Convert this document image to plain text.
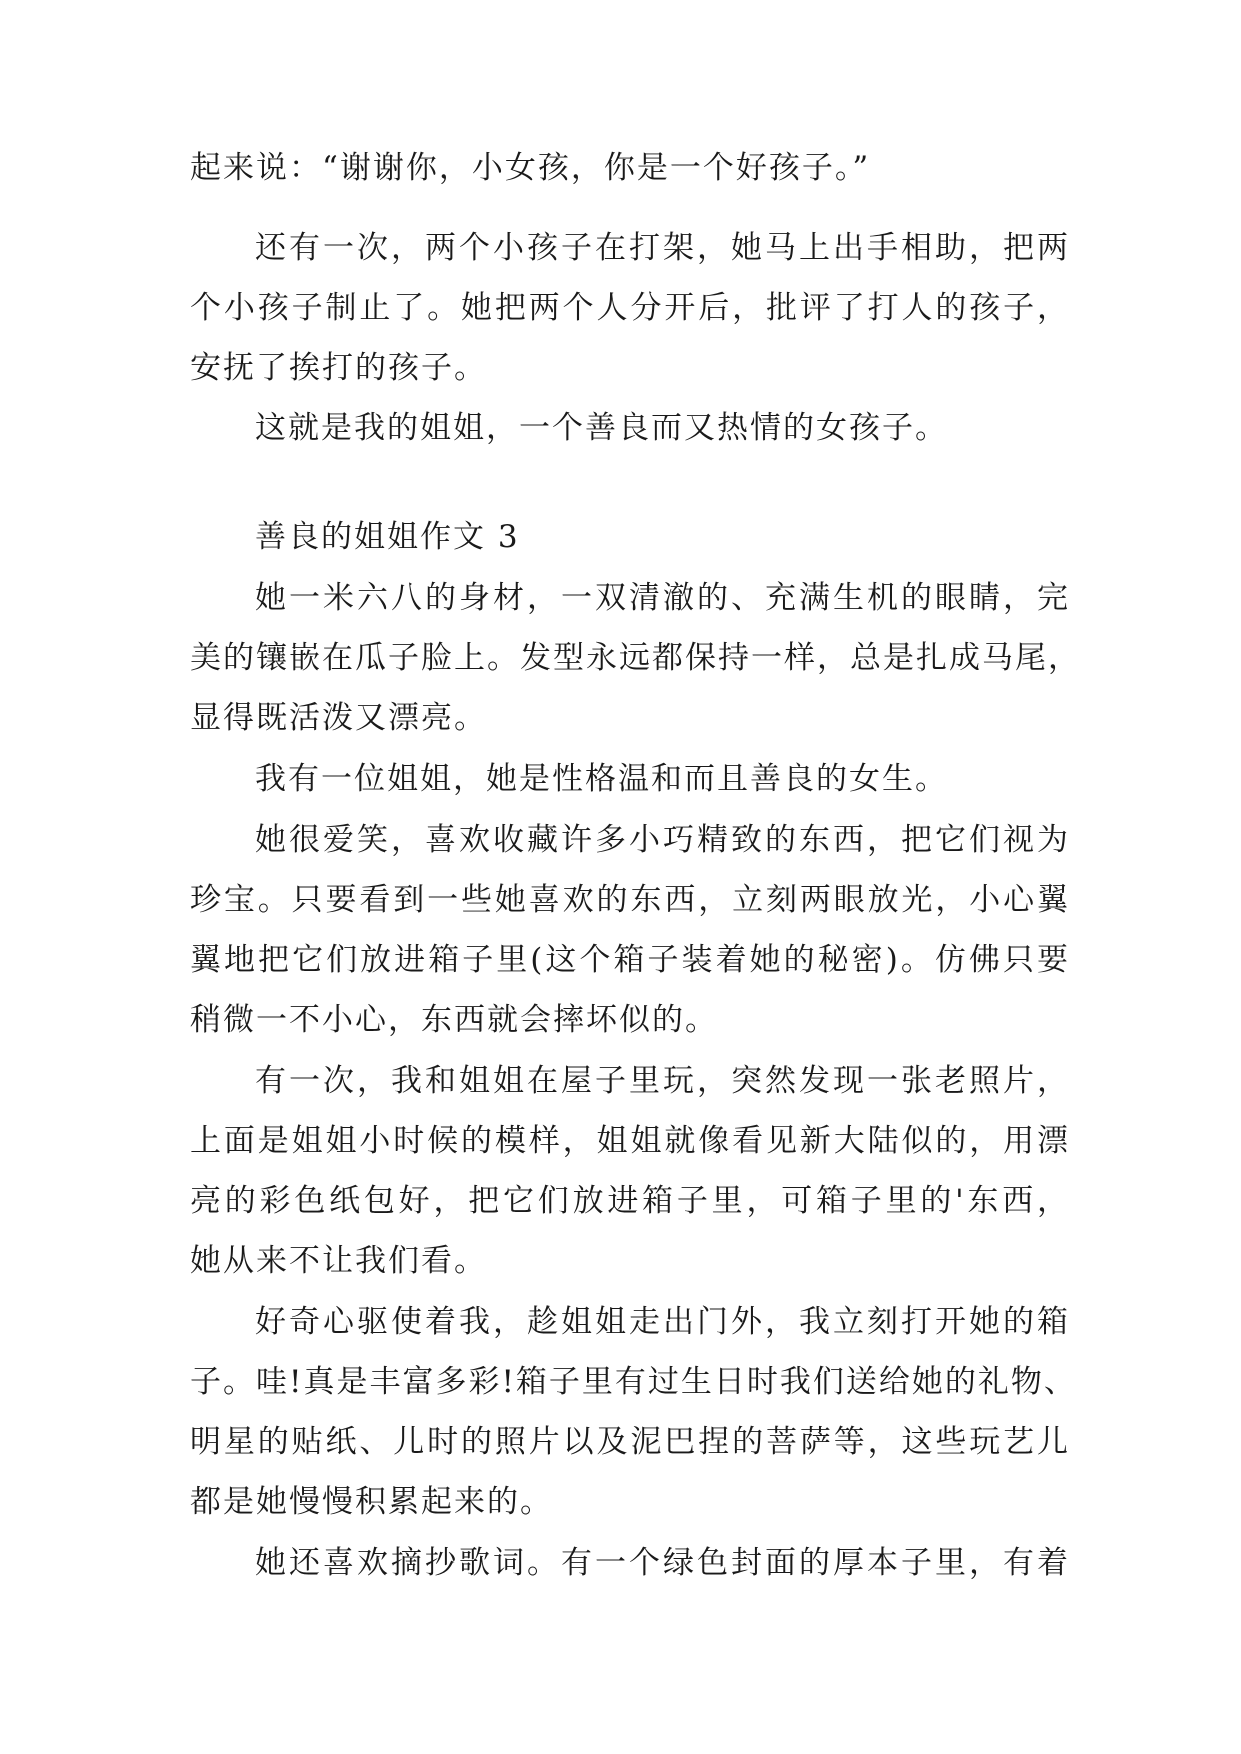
起来说：“谢谢你，小女孩，你是一个好孩子。”
还有一次，两个小孩子在打架，她马上出手相助，把两
个小孩子制止了。她把两个人分开后，批评了打人的孩子，
安抚了挨打的孩子。
这就是我的姐姐，一个善良而又热情的女孩子。
善良的姐姐作文 3
她一米六八的身材，一双清澈的、充满生机的眼睛，完
美的镶嵌在瓜子脸上。发型永远都保持一样，总是扎成马尾，
显得既活泼又漂亮。
我有一位姐姐，她是性格温和而且善良的女生。
她很爱笑，喜欢收藏许多小巧精致的东西，把它们视为
珍宝。只要看到一些她喜欢的东西，立刻两眼放光，小心翼
翼地把它们放进箱子里(这个箱子装着她的秘密)。仿佛只要
稍微一不小心，东西就会摔坏似的。
有一次，我和姐姐在屋子里玩，突然发现一张老照片，
上面是姐姐小时候的模样，姐姐就像看见新大陆似的，用漂
亮的彩色纸包好，把它们放进箱子里，可箱子里的'东西，
她从来不让我们看。
好奇心驱使着我，趁姐姐走出门外，我立刻打开她的箱
子。哇!真是丰富多彩!箱子里有过生日时我们送给她的礼物、
明星的贴纸、儿时的照片以及泥巴捏的菩萨等，这些玩艺儿
都是她慢慢积累起来的。
她还喜欢摘抄歌词。有一个绿色封面的厚本子里，有着
